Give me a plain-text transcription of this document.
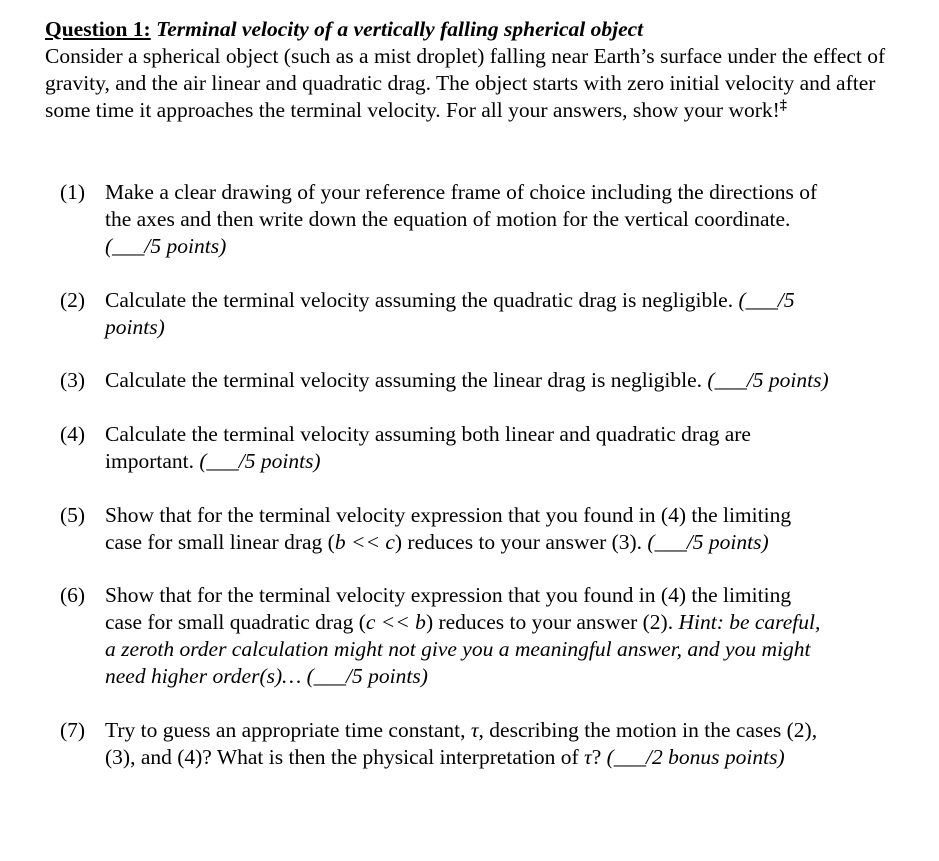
Question 1: Terminal velocity of a vertically falling spherical object

Consider a spherical object (such as a mist droplet) falling near Earth’s surface under the effect of gravity, and the air linear and quadratic drag. The object starts with zero initial velocity and after some time it approaches the terminal velocity. For all your answers, show your work!‡

(1) Make a clear drawing of your reference frame of choice including the directions of
the axes and then write down the equation of motion for the vertical coordinate.
(___/5 points)
(2) Calculate the terminal velocity assuming the quadratic drag is negligible. (___/5
points)
(3) Calculate the terminal velocity assuming the linear drag is negligible. (___/5 points)
(4) Calculate the terminal velocity assuming both linear and quadratic drag are
important. (___/5 points)
(5) Show that for the terminal velocity expression that you found in (4) the limiting
case for small linear drag (b << c) reduces to your answer (3). (___/5 points)
(6) Show that for the terminal velocity expression that you found in (4) the limiting
case for small quadratic drag (c << b) reduces to your answer (2). Hint: be careful,
a zeroth order calculation might not give you a meaningful answer, and you might
need higher order(s)… (___/5 points)
(7) Try to guess an appropriate time constant, τ, describing the motion in the cases (2),
(3), and (4)? What is then the physical interpretation of τ? (___/2 bonus points)
